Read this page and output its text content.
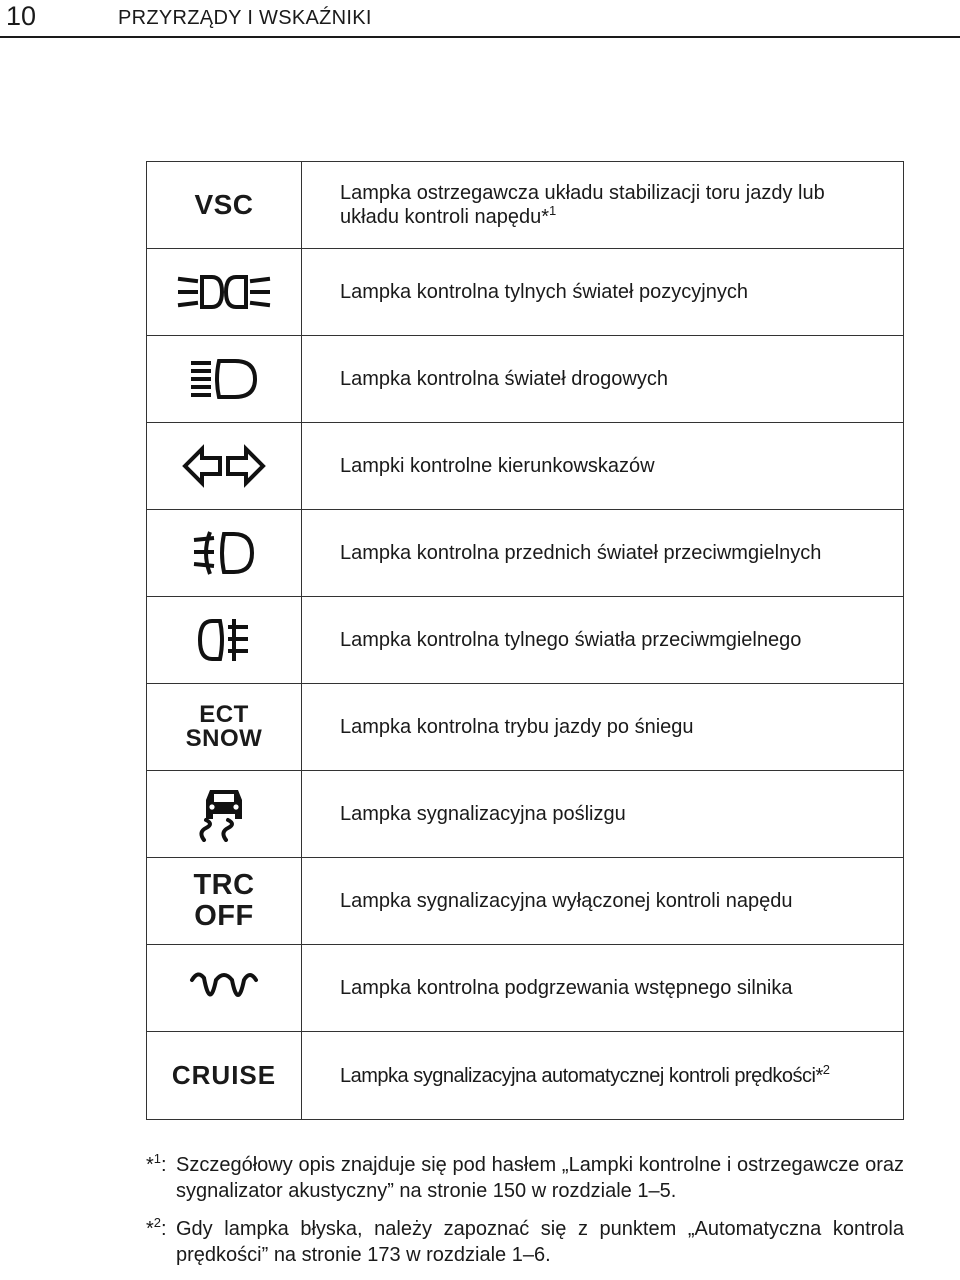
10	PRZYRZĄDY I WSKAŹNIKI
VSC	Lampka ostrzegawcza układu stabilizacji toru jazdy lub
układu kontroli napędu*$^1$
	Lampka kontrolna tylnych świateł pozycyjnych
	Lampka kontrolna świateł drogowych
	Lampki kontrolne kierunkowskazów
	Lampka kontrolna przednich świateł przeciwmgielnych
	Lampka kontrolna tylnego światła przeciwmgielnego
ECT
SNOW	Lampka kontrolna trybu jazdy po śniegu
	Lampka sygnalizacyjna poślizgu
TRC
OFF	Lampka sygnalizacyjna wyłączonej kontroli napędu
	Lampka kontrolna podgrzewania wstępnego silnika
CRUISE	Lampka sygnalizacyjna automatycznej kontroli prędkości*$^2$
*$^1$: Szczegółowy opis znajduje się pod hasłem „Lampki kontrolne i ostrzegawcze oraz sygnalizator akustyczny” na stronie 150 w rozdziale 1–5.
*$^2$: Gdy lampka błyska, należy zapoznać się z punktem „Automatyczna kontrola prędkości” na stronie 173 w rozdziale 1–6.
